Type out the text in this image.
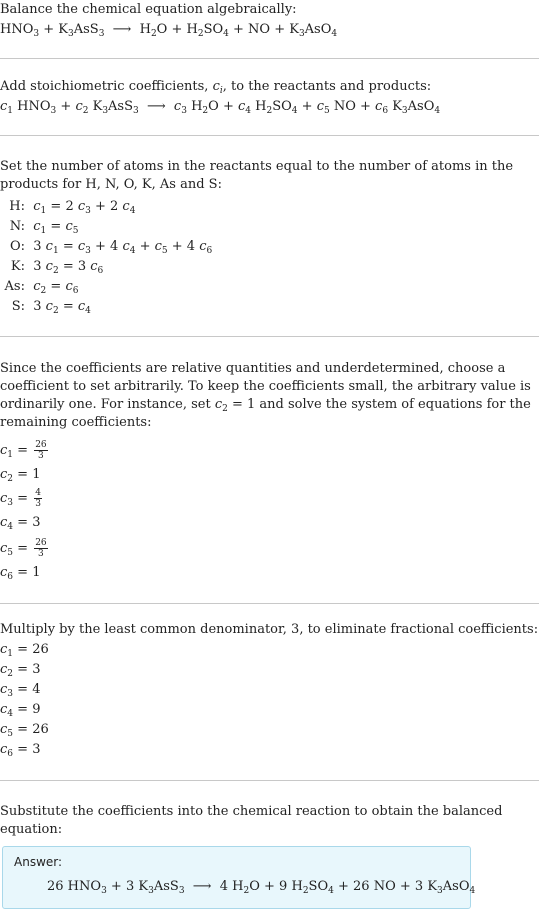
Balance the chemical equation algebraically:
$HNO_3 + K_3AsS_3$  ⟶  $H_2O + H_2SO_4$ + NO + $K_3AsO_4$
Add stoichiometric coefficients, $c_i$, to the reactants and products:
$c_1$ $HNO_3 + c_2$ $K_3AsS_3$  ⟶  $c_3$ $H_2O + c_4$ $H_2SO_4 + c_5$ NO + $c_6$ $K_3AsO_4$
Set the number of atoms in the reactants equal to the number of atoms in the products for H, N, O, K, As and S:
H: $c_1 = 2$ $c_3 + 2$ $c_4$
N: $c_1 = c_5$
O:  3 $c_1 = c_3 + 4$ $c_4 + c_5 + 4$ $c_6$
K:  3 $c_2 = 3$ $c_6$
As: $c_2 = c_6$
S:  3 $c_2 = c_4$
Since the coefficients are relative quantities and underdetermined, choose a coefficient to set arbitrarily. To keep the coefficients small, the arbitrary value is ordinarily one. For instance, set $c_2 = 1$ and solve the system of equations for the remaining coefficients:
$c_1 = \frac{26}{3}$
$c_2 = 1$
$c_3 = \frac{4}{3}$
$c_4 = 3$
$c_5 = \frac{26}{3}$
$c_6 = 1$
Multiply by the least common denominator, 3, to eliminate fractional coefficients:
$c_1 = 26$
$c_2 = 3$
$c_3 = 4$
$c_4 = 9$
$c_5 = 26$
$c_6 = 3$
Substitute the coefficients into the chemical reaction to obtain the balanced equation:
Answer:
26 $HNO_3 + 3$ $K_3AsS_3$  ⟶  4 $H_2O + 9$ $H_2SO_4 + 26$ NO + 3 $K_3AsO_4$
